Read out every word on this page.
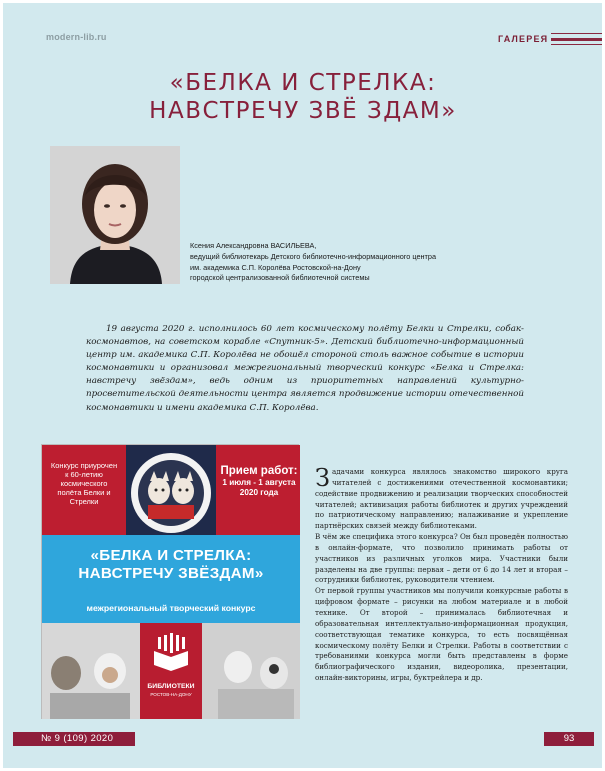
modern-lib.ru	ГАЛЕРЕЯ
«БЕЛКА И СТРЕЛКА:
НАВСТРЕЧУ ЗВЁ ЗДАМ»
Ксения Александровна ВАСИЛЬЕВА,
ведущий библиотекарь Детского библиотечно-информационного центра
им. академика С.П. Королёва Ростовской-на-Дону
городской централизованной библиотечной системы

19 августа 2020 г. исполнилось 60 лет космическому полёту Белки и Стрелки, собак-космонавтов, на советском корабле «Спутник-5». Детский библиотечно-информационный центр им. академика С.П. Королёва не обошёл стороной столь важное событие в истории космонавтики и организовал межрегиональный творческий конкурс «Белка и Стрелка: навстречу звёздам», ведь одним из приоритетных направлений культурно-просветительской деятельности центра является продвижение истории отечественной космонавтики и имени академика С.П. Королёва.

Конкурс приурочен к 60-летию космического полёта Белки и Стрелки
Прием работ:
1 июля - 1 августа 2020 года
«БЕЛКА И СТРЕЛКА:
НАВСТРЕЧУ ЗВЁЗДАМ»
межрегиональный творческий конкурс
БИБЛИОТЕКИ
РОСТОВ-НА-ДОНУ

Задачами конкурса являлось знакомство широкого круга читателей с достижениями отечественной космонавтики; содействие продвижению и реализации творческих способностей читателей; активизация работы библиотек и других учреждений по патриотическому направлению; налаживание и укрепление партнёрских связей между библиотеками.

В чём же специфика этого конкурса? Он был проведён полностью в онлайн-формате, что позволило принимать работы от участников из различных уголков мира. Участники были разделены на две группы: первая – дети от 6 до 14 лет и вторая – сотрудники библиотек, руководители чтением.

От первой группы участников мы получили конкурсные работы в цифровом формате – рисунки на любом материале и в любой технике. От второй – принималась библиотечная и образовательная интеллектуально-информационная продукция, соответствующая тематике конкурса, то есть посвящённая космическому полёту Белки и Стрелки. Работы в соответствии с требованиями конкурса могли быть представлены в форме библиографического издания, видеоролика, презентации, онлайн-викторины, игры, буктрейлера и др.

№ 9 (109) 2020	93
